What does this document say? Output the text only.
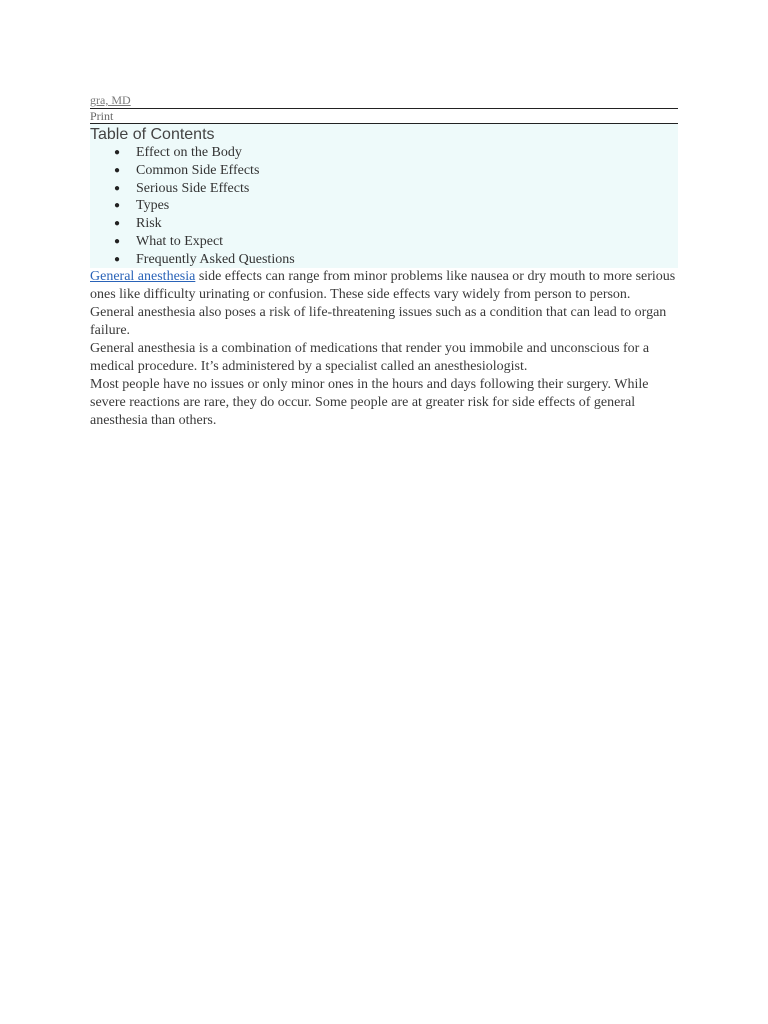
gra, MD
Print
Table of Contents
● Effect on the Body
● Common Side Effects
● Serious Side Effects
● Types
● Risk
● What to Expect
● Frequently Asked Questions

General anesthesia side effects can range from minor problems like nausea or dry mouth to more serious ones like difficulty urinating or confusion. These side effects vary widely from person to person. General anesthesia also poses a risk of life-threatening issues such as a condition that can lead to organ failure.

General anesthesia is a combination of medications that render you immobile and unconscious for a medical procedure. It’s administered by a specialist called an anesthesiologist.

Most people have no issues or only minor ones in the hours and days following their surgery. While severe reactions are rare, they do occur. Some people are at greater risk for side effects of general anesthesia than others.
